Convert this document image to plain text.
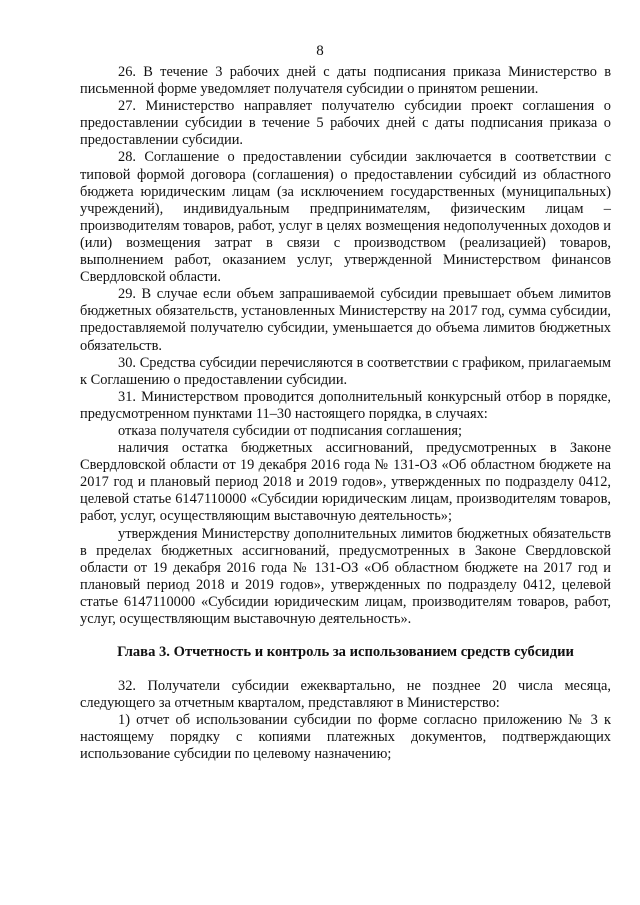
8

26. В течение 3 рабочих дней с даты подписания приказа Министерство в письменной форме уведомляет получателя субсидии о принятом решении.

27. Министерство направляет получателю субсидии проект соглашения о предоставлении субсидии в течение 5 рабочих дней с даты подписания приказа о предоставлении субсидии.

28. Соглашение о предоставлении субсидии заключается в соответствии с типовой формой договора (соглашения) о предоставлении субсидий из областного бюджета юридическим лицам (за исключением государственных (муниципальных) учреждений), индивидуальным предпринимателям, физическим лицам – производителям товаров, работ, услуг в целях возмещения недополученных доходов и (или) возмещения затрат в связи с производством (реализацией) товаров, выполнением работ, оказанием услуг, утвержденной Министерством финансов Свердловской области.

29. В случае если объем запрашиваемой субсидии превышает объем лимитов бюджетных обязательств, установленных Министерству на 2017 год, сумма субсидии, предоставляемой получателю субсидии, уменьшается до объема лимитов бюджетных обязательств.

30. Средства субсидии перечисляются в соответствии с графиком, прилагаемым к Соглашению о предоставлении субсидии.

31. Министерством проводится дополнительный конкурсный отбор в порядке, предусмотренном пунктами 11–30 настоящего порядка, в случаях:

отказа получателя субсидии от подписания соглашения;

наличия остатка бюджетных ассигнований, предусмотренных в Законе Свердловской области от 19 декабря 2016 года № 131-ОЗ «Об областном бюджете на 2017 год и плановый период 2018 и 2019 годов», утвержденных по подразделу 0412, целевой статье 6147110000 «Субсидии юридическим лицам, производителям товаров, работ, услуг, осуществляющим выставочную деятельность»;

утверждения Министерству дополнительных лимитов бюджетных обязательств в пределах бюджетных ассигнований, предусмотренных в Законе Свердловской области от 19 декабря 2016 года № 131-ОЗ «Об областном бюджете на 2017 год и плановый период 2018 и 2019 годов», утвержденных по подразделу 0412, целевой статье 6147110000 «Субсидии юридическим лицам, производителям товаров, работ, услуг, осуществляющим выставочную деятельность».

Глава 3. Отчетность и контроль за использованием средств субсидии

32. Получатели субсидии ежеквартально, не позднее 20 числа месяца, следующего за отчетным кварталом, представляют в Министерство:

1) отчет об использовании субсидии по форме согласно приложению № 3 к настоящему порядку с копиями платежных документов, подтверждающих использование субсидии по целевому назначению;
